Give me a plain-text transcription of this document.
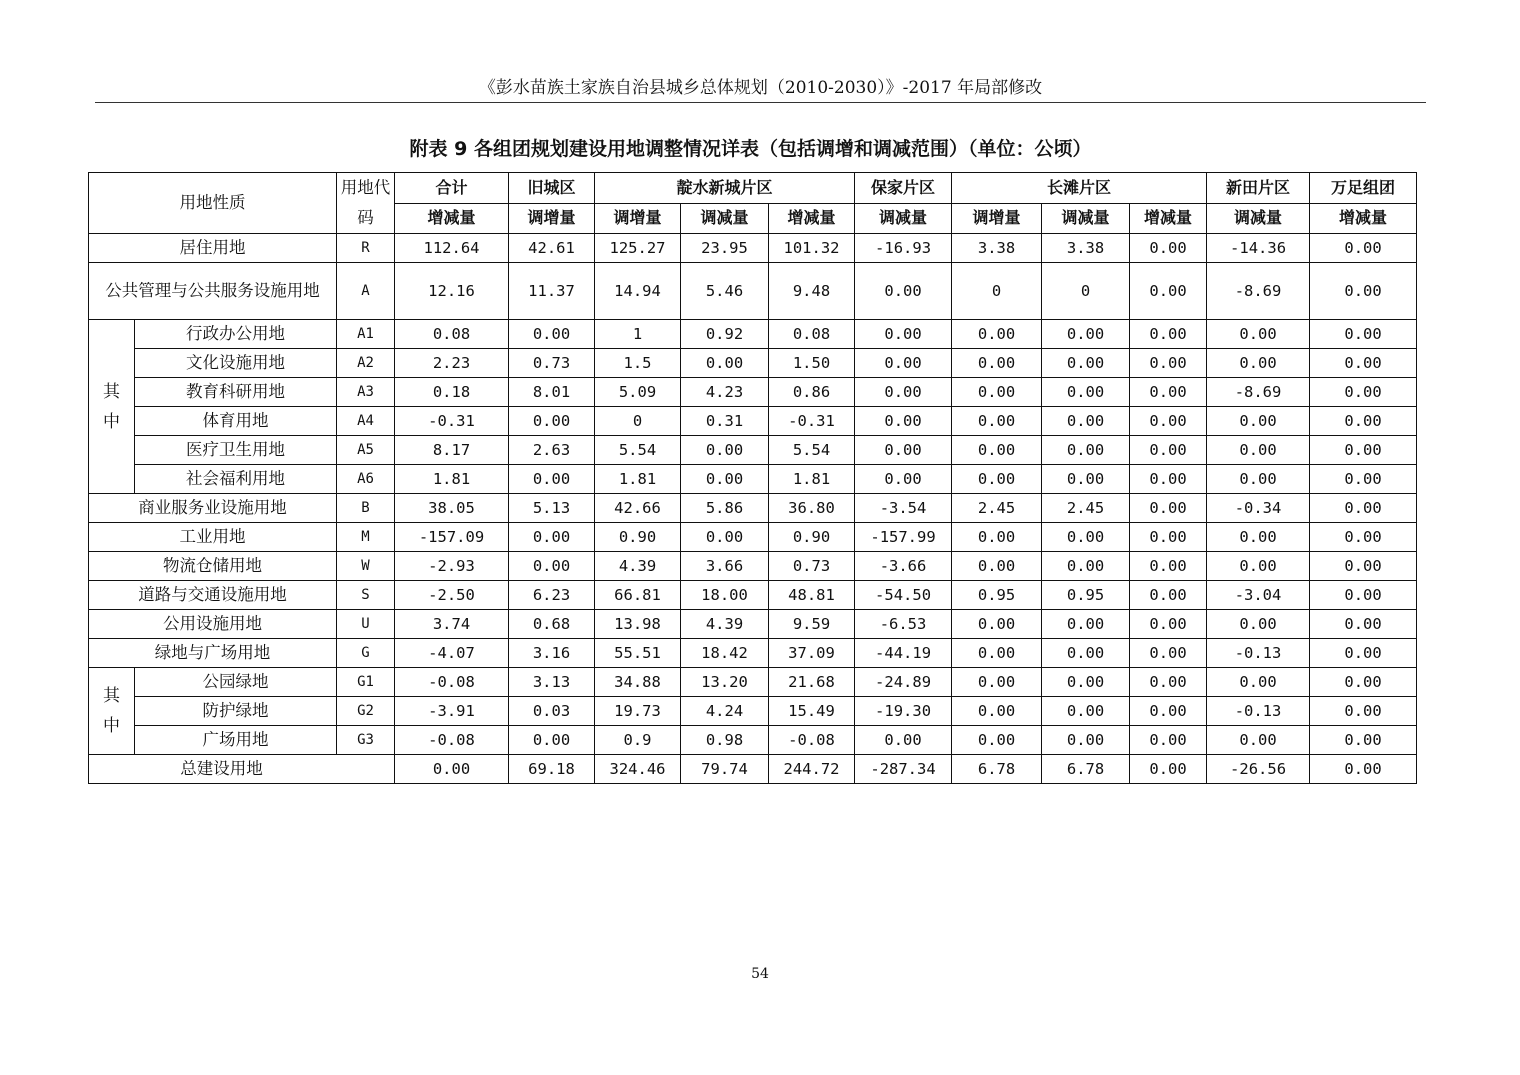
《彭水苗族土家族自治县城乡总体规划（2010-2030）》-2017 年局部修改
附表 9 各组团规划建设用地调整情况详表（包括调增和调减范围）（单位：公顷）
用地性质		用地代码	合计	旧城区	靛水新城片区			保家片区	长滩片区			新田片区	万足组团
			增减量	调增量	调增量	调减量	增减量	调减量	调增量	调减量	增减量	调减量	增减量
居住用地		R	112.64	42.61	125.27	23.95	101.32	-16.93	3.38	3.38	0.00	-14.36	0.00
公共管理与公共服务设施用地		A	12.16	11.37	14.94	5.46	9.48	0.00	0	0	0.00	-8.69	0.00
其
中	行政办公用地	A1	0.08	0.00	1	0.92	0.08	0.00	0.00	0.00	0.00	0.00	0.00
	文化设施用地	A2	2.23	0.73	1.5	0.00	1.50	0.00	0.00	0.00	0.00	0.00	0.00
	教育科研用地	A3	0.18	8.01	5.09	4.23	0.86	0.00	0.00	0.00	0.00	-8.69	0.00
	体育用地	A4	-0.31	0.00	0	0.31	-0.31	0.00	0.00	0.00	0.00	0.00	0.00
	医疗卫生用地	A5	8.17	2.63	5.54	0.00	5.54	0.00	0.00	0.00	0.00	0.00	0.00
	社会福利用地	A6	1.81	0.00	1.81	0.00	1.81	0.00	0.00	0.00	0.00	0.00	0.00
商业服务业设施用地		B	38.05	5.13	42.66	5.86	36.80	-3.54	2.45	2.45	0.00	-0.34	0.00
工业用地		M	-157.09	0.00	0.90	0.00	0.90	-157.99	0.00	0.00	0.00	0.00	0.00
物流仓储用地		W	-2.93	0.00	4.39	3.66	0.73	-3.66	0.00	0.00	0.00	0.00	0.00
道路与交通设施用地		S	-2.50	6.23	66.81	18.00	48.81	-54.50	0.95	0.95	0.00	-3.04	0.00
公用设施用地		U	3.74	0.68	13.98	4.39	9.59	-6.53	0.00	0.00	0.00	0.00	0.00
绿地与广场用地		G	-4.07	3.16	55.51	18.42	37.09	-44.19	0.00	0.00	0.00	-0.13	0.00
其
中	公园绿地	G1	-0.08	3.13	34.88	13.20	21.68	-24.89	0.00	0.00	0.00	0.00	0.00
	防护绿地	G2	-3.91	0.03	19.73	4.24	15.49	-19.30	0.00	0.00	0.00	-0.13	0.00
	广场用地	G3	-0.08	0.00	0.9	0.98	-0.08	0.00	0.00	0.00	0.00	0.00	0.00
总建设用地			0.00	69.18	324.46	79.74	244.72	-287.34	6.78	6.78	0.00	-26.56	0.00
54
